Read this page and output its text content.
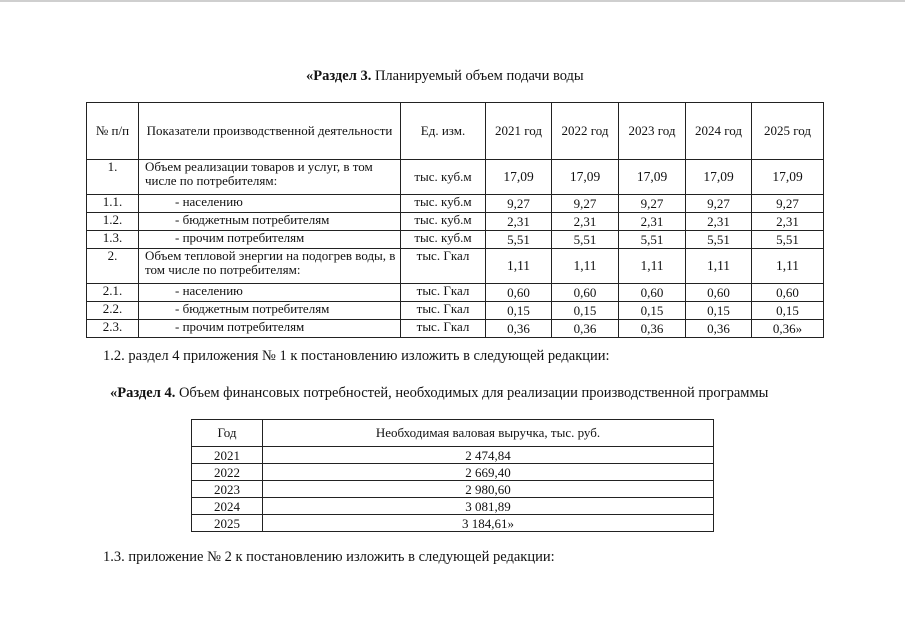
«Раздел 3. Планируемый объем подачи воды
№ п/п	Показатели производственной деятельности	Ед. изм.	2021 год	2022 год	2023 год	2024 год	2025 год
1.	Объем реализации товаров и услуг, в том числе по потребителям:	тыс. куб.м	17,09	17,09	17,09	17,09	17,09
1.1.	- населению	тыс. куб.м	9,27	9,27	9,27	9,27	9,27
1.2.	- бюджетным потребителям	тыс. куб.м	2,31	2,31	2,31	2,31	2,31
1.3.	- прочим потребителям	тыс. куб.м	5,51	5,51	5,51	5,51	5,51
2.	Объем тепловой энергии на подогрев воды, в том числе по потребителям:	тыс. Гкал	1,11	1,11	1,11	1,11	1,11
2.1.	- населению	тыс. Гкал	0,60	0,60	0,60	0,60	0,60
2.2.	- бюджетным потребителям	тыс. Гкал	0,15	0,15	0,15	0,15	0,15
2.3.	- прочим потребителям	тыс. Гкал	0,36	0,36	0,36	0,36	0,36»
1.2. раздел 4 приложения № 1 к постановлению изложить в следующей редакции:
«Раздел 4. Объем финансовых потребностей, необходимых для реализации производственной программы
Год	Необходимая валовая выручка, тыс. руб.
2021	2 474,84
2022	2 669,40
2023	2 980,60
2024	3 081,89
2025	3 184,61»
1.3. приложение № 2 к постановлению изложить в следующей редакции:
